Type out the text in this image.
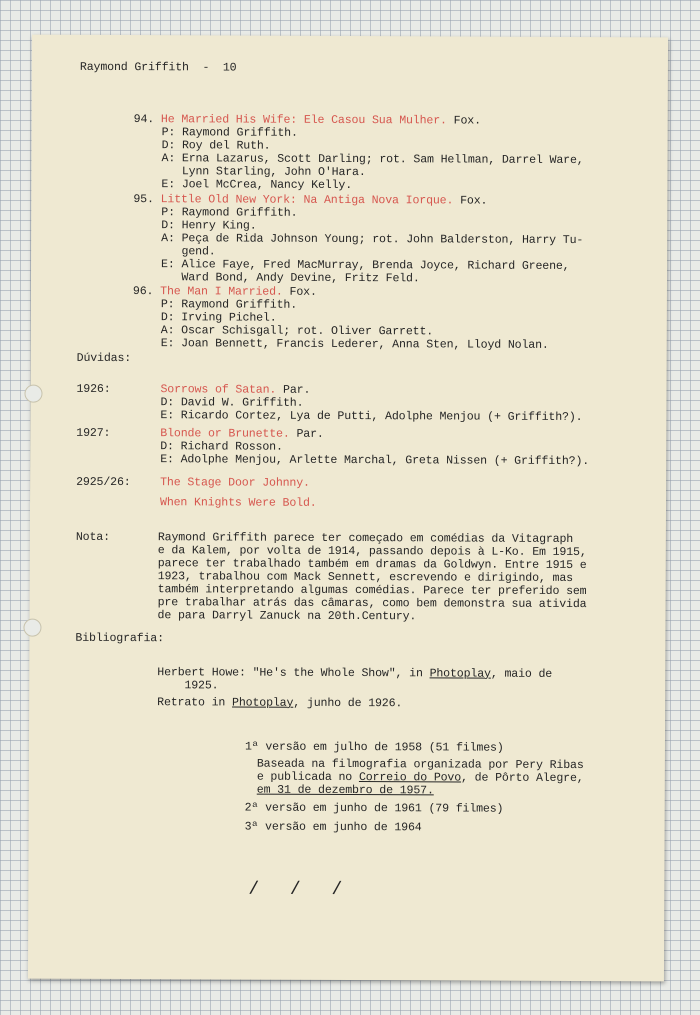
Raymond Griffith  -  10
94. He Married His Wife: Ele Casou Sua Mulher. Fox.
P: Raymond Griffith.
D: Roy del Ruth.
A: Erna Lazarus, Scott Darling; rot. Sam Hellman, Darrel Ware,
Lynn Starling, John O'Hara.
E: Joel McCrea, Nancy Kelly.
95. Little Old New York: Na Antiga Nova Iorque. Fox.
P: Raymond Griffith.
D: Henry King.
A: Peça de Rida Johnson Young; rot. John Balderston, Harry Tu-
gend.
E: Alice Faye, Fred MacMurray, Brenda Joyce, Richard Greene,
Ward Bond, Andy Devine, Fritz Feld.
96. The Man I Married. Fox.
P: Raymond Griffith.
D: Irving Pichel.
A: Oscar Schisgall; rot. Oliver Garrett.
E: Joan Bennett, Francis Lederer, Anna Sten, Lloyd Nolan.
Dúvidas:
1926:	Sorrows of Satan. Par.
D: David W. Griffith.
E: Ricardo Cortez, Lya de Putti, Adolphe Menjou (+ Griffith?).
1927:	Blonde or Brunette. Par.
D: Richard Rosson.
E: Adolphe Menjou, Arlette Marchal, Greta Nissen (+ Griffith?).
2925/26:	The Stage Door Johnny.
When Knights Were Bold.
Nota:	Raymond Griffith parece ter começado em comédias da Vitagraph
e da Kalem, por volta de 1914, passando depois à L-Ko. Em 1915,
parece ter trabalhado também em dramas da Goldwyn. Entre 1915 e
1923, trabalhou com Mack Sennett, escrevendo e dirigindo, mas
também interpretando algumas comédias. Parece ter preferido sem
pre trabalhar atrás das câmaras, como bem demonstra sua ativida
de para Darryl Zanuck na 20th.Century.
Bibliografia:
Herbert Howe: "He's the Whole Show", in Photoplay, maio de
1925.
Retrato in Photoplay, junho de 1926.
1ª versão em julho de 1958 (51 filmes)
Baseada na filmografia organizada por Pery Ribas
e publicada no Correio do Povo, de Pôrto Alegre,
em 31 de dezembro de 1957.
2ª versão em junho de 1961 (79 filmes)
3ª versão em junho de 1964
/ / /
